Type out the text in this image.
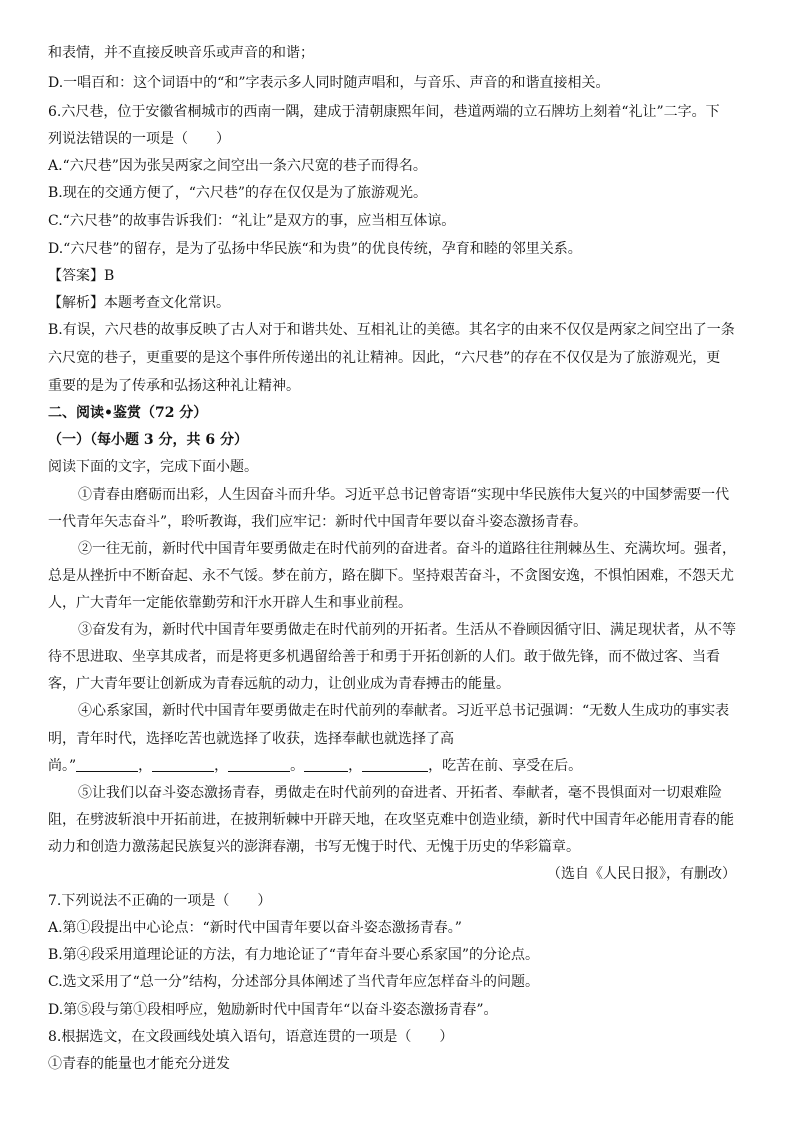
和表情，并不直接反映音乐或声音的和谐；
D.一唱百和：这个词语中的“和”字表示多人同时随声唱和，与音乐、声音的和谐直接相关。
6.六尺巷，位于安徽省桐城市的西南一隅，建成于清朝康熙年间，巷道两端的立石牌坊上刻着“礼让”二字。下
列说法错误的一项是（　　）
A.“六尺巷”因为张吴两家之间空出一条六尺宽的巷子而得名。
B.现在的交通方便了，“六尺巷”的存在仅仅是为了旅游观光。
C.“六尺巷”的故事告诉我们：“礼让”是双方的事，应当相互体谅。
D.“六尺巷”的留存，是为了弘扬中华民族“和为贵”的优良传统，孕育和睦的邻里关系。
【答案】B
【解析】本题考查文化常识。
B.有误，六尺巷的故事反映了古人对于和谐共处、互相礼让的美德。其名字的由来不仅仅是两家之间空出了一条
六尺宽的巷子，更重要的是这个事件所传递出的礼让精神。因此，“六尺巷”的存在不仅仅是为了旅游观光，更
重要的是为了传承和弘扬这种礼让精神。
二、阅读•鉴赏（72 分）
（一）（每小题 3 分，共 6 分）
阅读下面的文字，完成下面小题。
①青春由磨砺而出彩，人生因奋斗而升华。习近平总书记曾寄语“实现中华民族伟大复兴的中国梦需要一代
一代青年矢志奋斗”，聆听教诲，我们应牢记：新时代中国青年要以奋斗姿态激扬青春。
②一往无前，新时代中国青年要勇做走在时代前列的奋进者。奋斗的道路往往荆棘丛生、充满坎坷。强者，
总是从挫折中不断奋起、永不气馁。梦在前方，路在脚下。坚持艰苦奋斗，不贪图安逸，不惧怕困难，不怨天尤
人，广大青年一定能依靠勤劳和汗水开辟人生和事业前程。
③奋发有为，新时代中国青年要勇做走在时代前列的开拓者。生活从不眷顾因循守旧、满足现状者，从不等
待不思进取、坐享其成者，而是将更多机遇留给善于和勇于开拓创新的人们。敢于做先锋，而不做过客、当看
客，广大青年要让创新成为青春远航的动力，让创业成为青春搏击的能量。
④心系家国，新时代中国青年要勇做走在时代前列的奉献者。习近平总书记强调：“无数人生成功的事实表
明，青年时代，选择吃苦也就选择了收获，选择奉献也就选择了高
尚。”	，	，	。	，	，吃苦在前、享受在后。
⑤让我们以奋斗姿态激扬青春，勇做走在时代前列的奋进者、开拓者、奉献者，毫不畏惧面对一切艰难险
阻，在劈波斩浪中开拓前进，在披荆斩棘中开辟天地，在攻坚克难中创造业绩，新时代中国青年必能用青春的能
动力和创造力激荡起民族复兴的澎湃春潮，书写无愧于时代、无愧于历史的华彩篇章。
（选自《人民日报》，有删改）
7.下列说法不正确的一项是（　　）
A.第①段提出中心论点：“新时代中国青年要以奋斗姿态激扬青春。”
B.第④段采用道理论证的方法，有力地论证了“青年奋斗要心系家国”的分论点。
C.选文采用了“总一分”结构，分述部分具体阐述了当代青年应怎样奋斗的问题。
D.第⑤段与第①段相呼应，勉励新时代中国青年“以奋斗姿态激扬青春”。
8.根据选文，在文段画线处填入语句，语意连贯的一项是（　　）
①青春的能量也才能充分迸发
